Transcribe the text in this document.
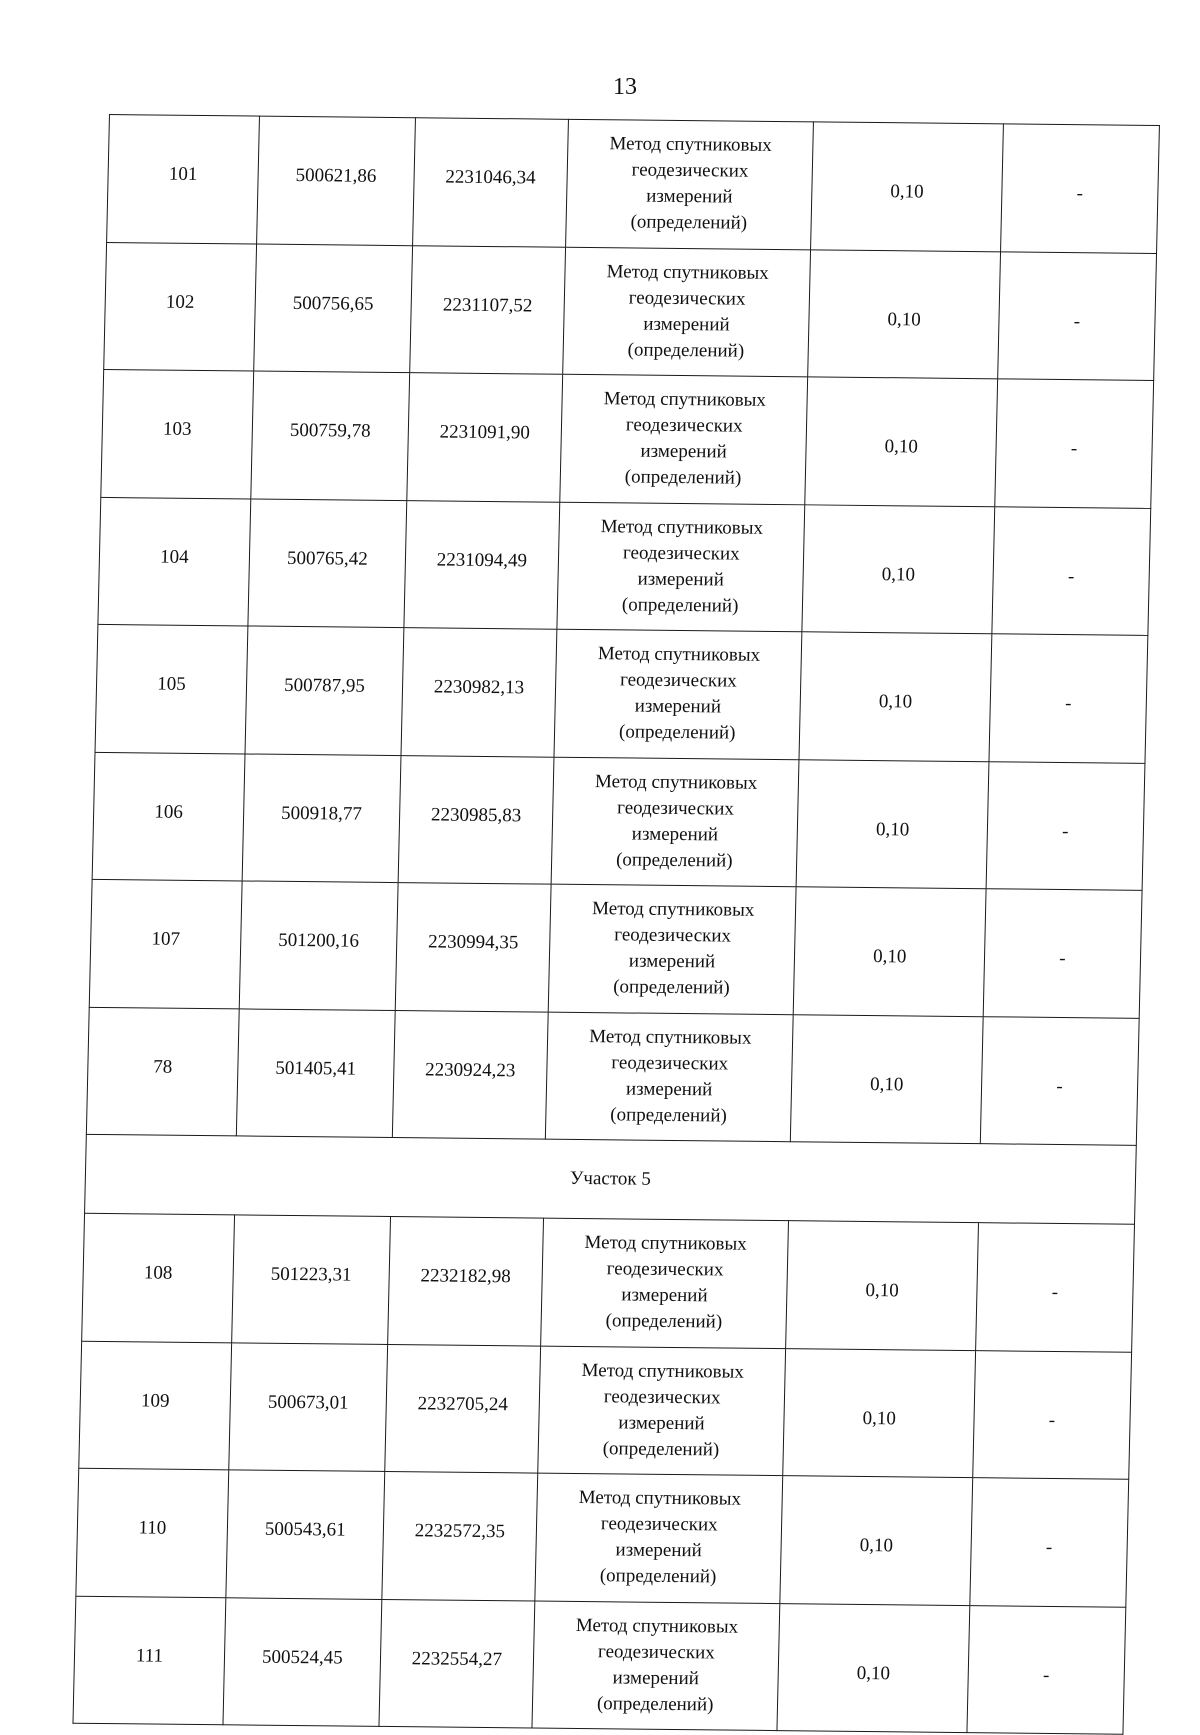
13
101	500621,86	2231046,34	Метод спутниковых
геодезических
измерений
(определений)	0,10	-
102	500756,65	2231107,52	Метод спутниковых
геодезических
измерений
(определений)	0,10	-
103	500759,78	2231091,90	Метод спутниковых
геодезических
измерений
(определений)	0,10	-
104	500765,42	2231094,49	Метод спутниковых
геодезических
измерений
(определений)	0,10	-
105	500787,95	2230982,13	Метод спутниковых
геодезических
измерений
(определений)	0,10	-
106	500918,77	2230985,83	Метод спутниковых
геодезических
измерений
(определений)	0,10	-
107	501200,16	2230994,35	Метод спутниковых
геодезических
измерений
(определений)	0,10	-
78	501405,41	2230924,23	Метод спутниковых
геодезических
измерений
(определений)	0,10	-
Участок 5					
108	501223,31	2232182,98	Метод спутниковых
геодезических
измерений
(определений)	0,10	-
109	500673,01	2232705,24	Метод спутниковых
геодезических
измерений
(определений)	0,10	-
110	500543,61	2232572,35	Метод спутниковых
геодезических
измерений
(определений)	0,10	-
111	500524,45	2232554,27	Метод спутниковых
геодезических
измерений
(определений)	0,10	-
